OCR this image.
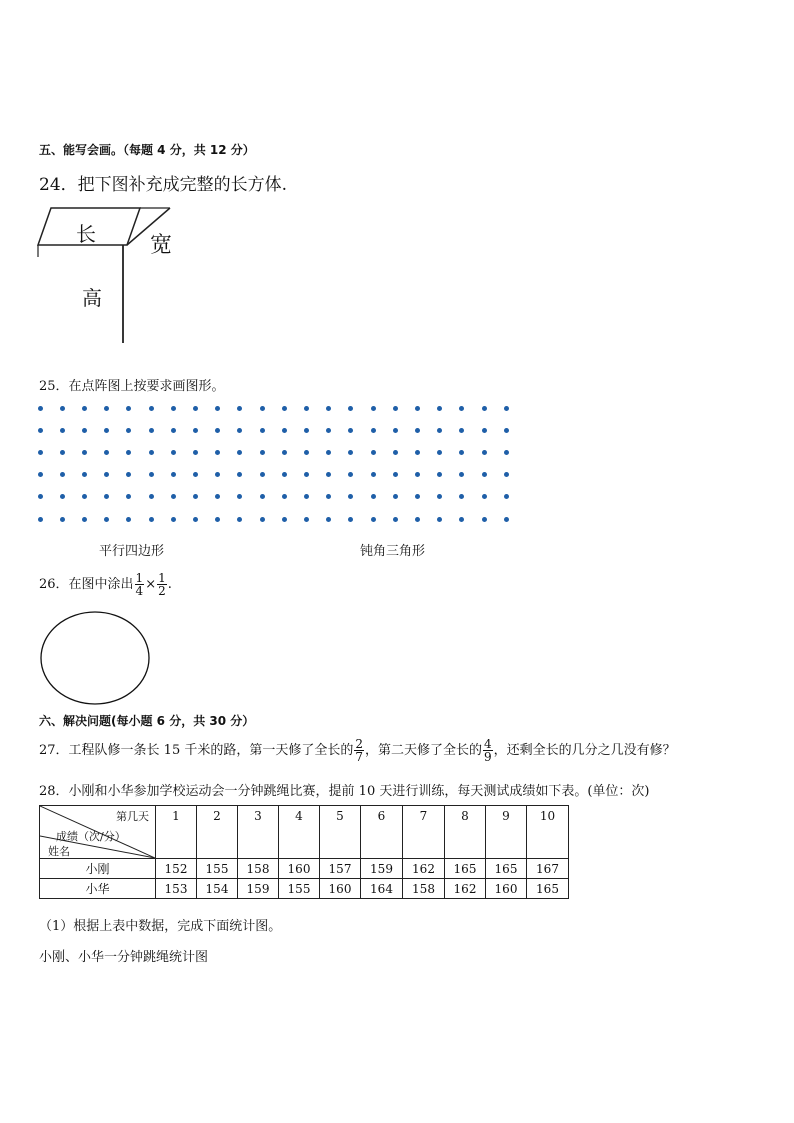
五、能写会画。（每题 4 分，共 12 分）
24．把下图补充成完整的长方体.
长 宽
高
25．在点阵图上按要求画图形。
平行四边形	钝角三角形
26．在图中涂出 $\frac{1}{4} \times \frac{1}{2}$ .
六、解决问题(每小题 6 分，共 30 分）
27．工程队修一条长 15 千米的路，第一天修了全长的 $\frac{2}{7}$ ，第二天修了全长的 $\frac{4}{9}$ ，还剩全长的几分之几没有修？
28．小刚和小华参加学校运动会一分钟跳绳比赛，提前 10 天进行训练，每天测试成绩如下表。(单位：次)
第几天
成绩（次/分）
姓名	1	2	3	4	5	6	7	8	9	10
小刚	152	155	158	160	157	159	162	165	165	167
小华	153	154	159	155	160	164	158	162	160	165
（1）根据上表中数据，完成下面统计图。
小刚、小华一分钟跳绳统计图
